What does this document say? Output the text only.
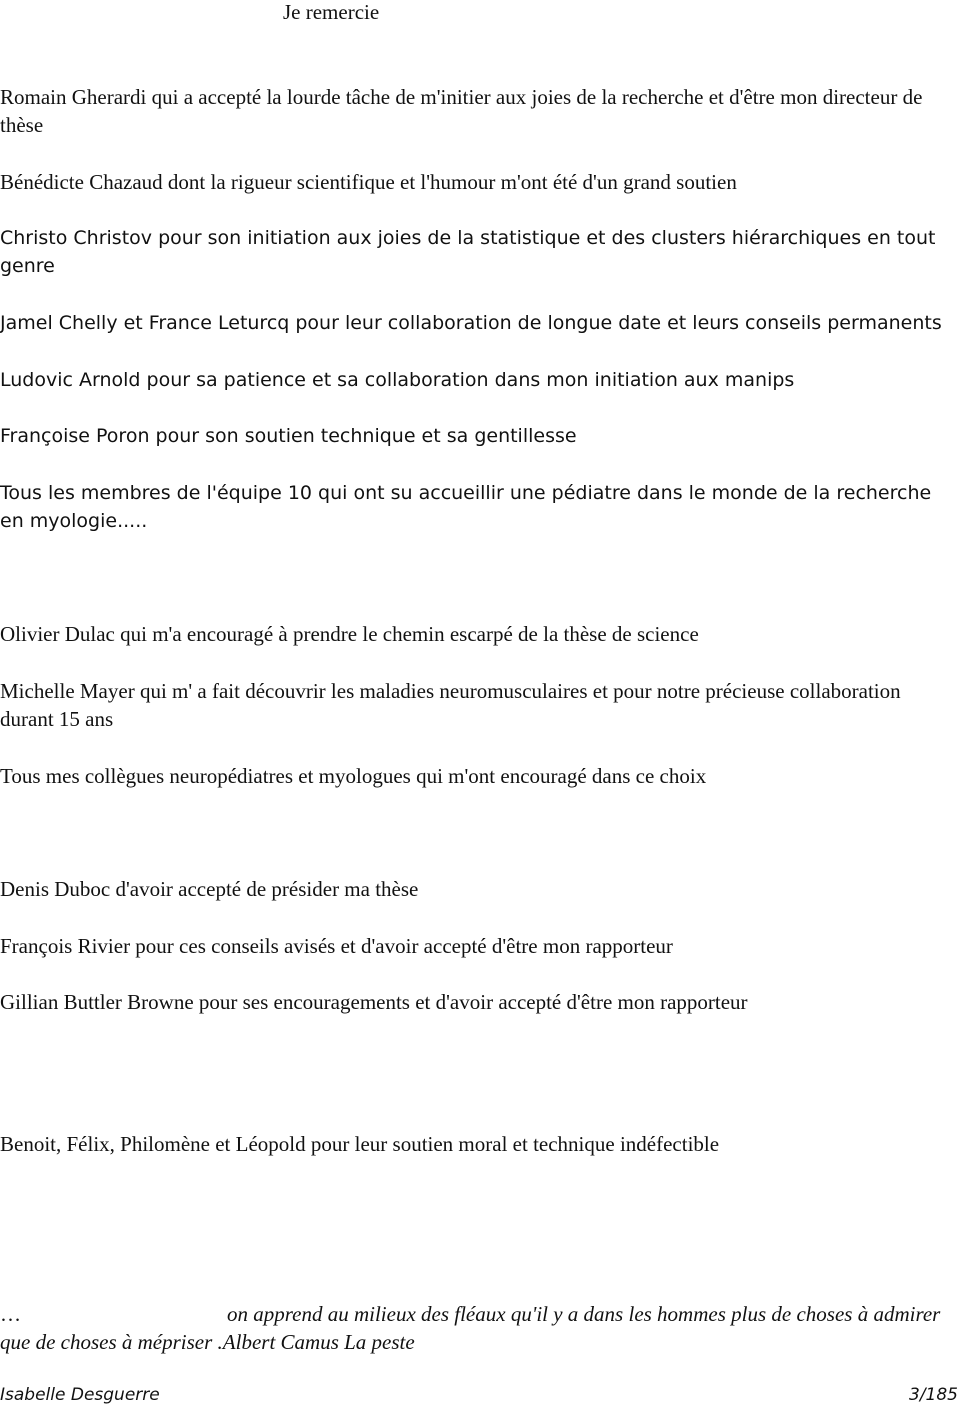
Je remercie

Romain Gherardi qui a accepté la lourde tâche de m'initier aux joies de la recherche et d'être mon directeur de thèse

Bénédicte Chazaud dont la rigueur scientifique et l'humour m'ont été d'un grand soutien

Christo Christov pour son initiation aux joies de la statistique et des clusters hiérarchiques en tout genre

Jamel Chelly et France Leturcq pour leur collaboration de longue date et leurs conseils permanents

Ludovic Arnold pour sa patience et sa collaboration dans mon initiation aux manips

Françoise Poron pour son soutien technique et sa gentillesse

Tous les membres de l'équipe 10 qui ont su accueillir une pédiatre dans le monde de la recherche en myologie.....

Olivier Dulac qui m'a encouragé à prendre le chemin escarpé de la thèse de science

Michelle Mayer qui m' a fait découvrir les maladies neuromusculaires et pour notre précieuse collaboration durant 15 ans

Tous mes collègues neuropédiatres et myologues qui m'ont encouragé dans ce choix

Denis Duboc d'avoir accepté de présider ma thèse

François Rivier pour ces conseils avisés et d'avoir accepté d'être mon rapporteur

Gillian Buttler Browne pour ses encouragements et d'avoir accepté d'être mon rapporteur

Benoit, Félix, Philomène et Léopold pour leur soutien moral et technique indéfectible

…	on apprend au milieux des fléaux qu'il y a dans les hommes plus de choses à admirer que de choses à mépriser .Albert Camus La peste

Isabelle Desguerre	3/185
